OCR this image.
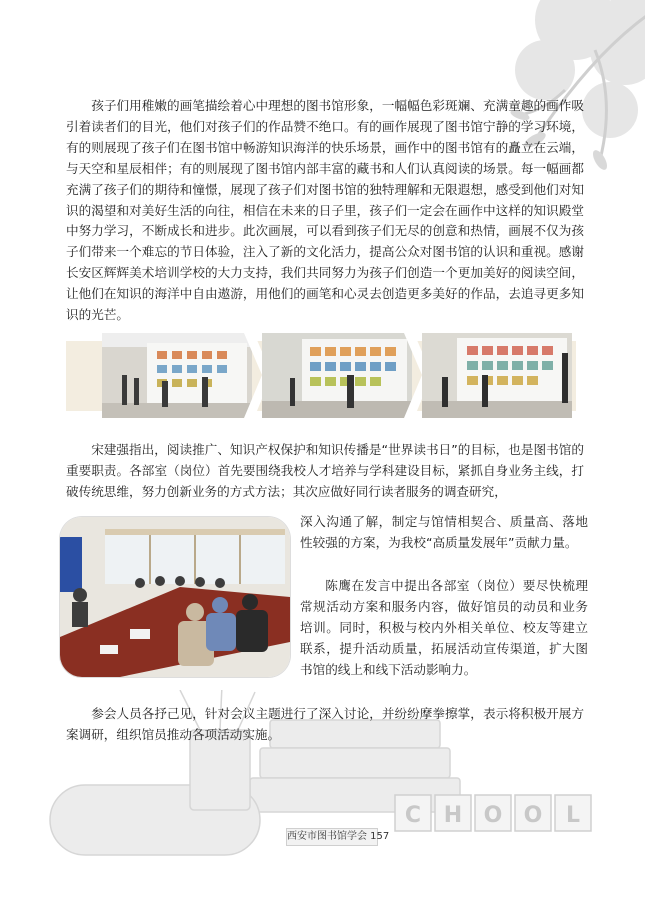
C H O O L

孩子们用稚嫩的画笔描绘着心中理想的图书馆形象，一幅幅色彩斑斓、充满童趣的画作吸引着读者们的目光，他们对孩子们的作品赞不绝口。有的画作展现了图书馆宁静的学习环境，有的则展现了孩子们在图书馆中畅游知识海洋的快乐场景，画作中的图书馆有的矗立在云端，与天空和星辰相伴；有的则展现了图书馆内部丰富的藏书和人们认真阅读的场景。每一幅画都充满了孩子们的期待和憧憬，展现了孩子们对图书馆的独特理解和无限遐想，感受到他们对知识的渴望和对美好生活的向往，相信在未来的日子里，孩子们一定会在画作中这样的知识殿堂中努力学习，不断成长和进步。此次画展，可以看到孩子们无尽的创意和热情，画展不仅为孩子们带来一个难忘的节日体验，注入了新的文化活力，提高公众对图书馆的认识和重视。感谢长安区辉辉美术培训学校的大力支持，我们共同努力为孩子们创造一个更加美好的阅读空间，让他们在知识的海洋中自由遨游，用他们的画笔和心灵去创造更多美好的作品，去追寻更多知识的光芒。

宋建强指出，阅读推广、知识产权保护和知识传播是“世界读书日”的目标，也是图书馆的重要职责。各部室（岗位）首先要围绕我校人才培养与学科建设目标，紧抓自身业务主线，打破传统思维，努力创新业务的方式方法；其次应做好同行读者服务的调查研究，

深入沟通了解，制定与馆情相契合、质量高、落地性较强的方案，为我校“高质量发展年”贡献力量。

陈鹰在发言中提出各部室（岗位）要尽快梳理常规活动方案和服务内容，做好馆员的动员和业务培训。同时，积极与校内外相关单位、校友等建立联系，提升活动质量，拓展活动宣传渠道，扩大图书馆的线上和线下活动影响力。

参会人员各抒己见，针对会议主题进行了深入讨论，并纷纷摩拳擦掌，表示将积极开展方案调研，组织馆员推动各项活动实施。

西安市图书馆学会 157
